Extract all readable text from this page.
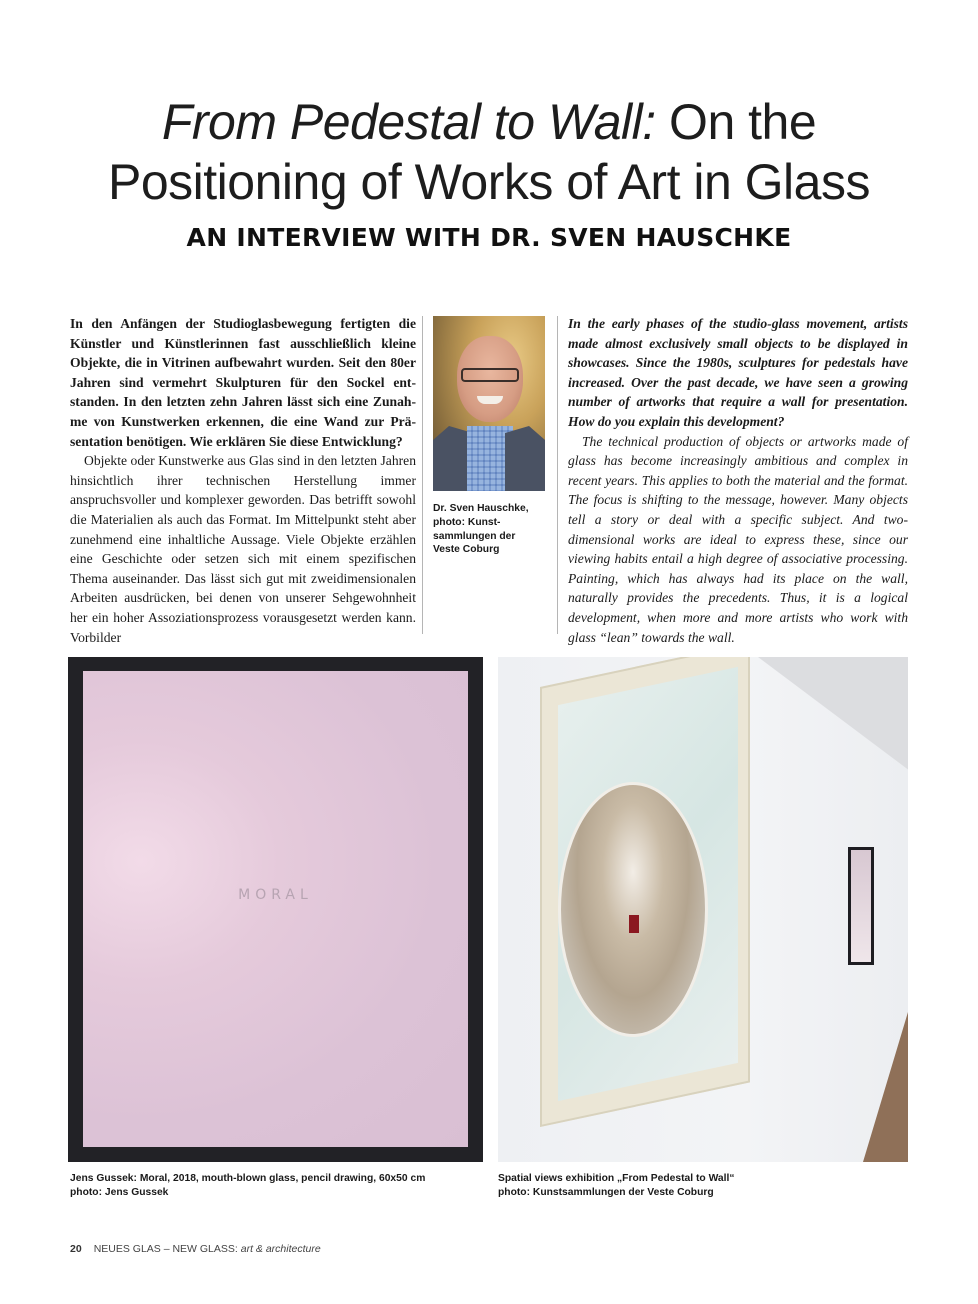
From Pedestal to Wall: On the
Positioning of Works of Art in Glass
AN INTERVIEW WITH DR. SVEN HAUSCHKE

In den Anfängen der Studioglasbewegung fertigten die Künstler und Künstlerinnen fast ausschließlich kleine Objekte, die in Vitrinen aufbewahrt wurden. Seit den 80er Jahren sind vermehrt Skulpturen für den Sockel entstanden. In den letzten zehn Jahren lässt sich eine Zunahme von Kunstwerken erkennen, die eine Wand zur Präsentation benötigen. Wie erklären Sie diese Entwicklung?

Objekte oder Kunstwerke aus Glas sind in den letzten Jahren hinsichtlich ihrer technischen Herstellung immer anspruchsvoller und komplexer geworden. Das betrifft sowohl die Materialien als auch das Format. Im Mittelpunkt steht aber zunehmend eine inhaltliche Aussage. Viele Objekte erzählen eine Geschichte oder setzen sich mit einem spezifischen Thema auseinander. Das lässt sich gut mit zweidimensionalen Arbeiten ausdrücken, bei denen von unserer Sehgewohnheit her ein hoher Assoziationsprozess vorausgesetzt werden kann. Vorbilder

Dr. Sven Hauschke,
photo: Kunst-
sammlungen der
Veste Coburg

In the early phases of the studio-glass movement, artists made almost exclusively small objects to be displayed in showcases. Since the 1980s, sculptures for pedestals have increased. Over the past decade, we have seen a growing number of artworks that require a wall for presentation. How do you explain this development?

The technical production of objects or artworks made of glass has become increasingly ambitious and complex in recent years. This applies to both the material and the format. The focus is shifting to the message, however. Many objects tell a story or deal with a specific subject. And two-dimensional works are ideal to express these, since our viewing habits entail a high degree of associative processing. Painting, which has always had its place on the wall, naturally provides the precedents. Thus, it is a logical development, when more and more artists who work with glass “lean” towards the wall.

MORAL
Jens Gussek: Moral, 2018, mouth-blown glass, pencil drawing, 60x50 cm
photo: Jens Gussek
Spatial views exhibition „From Pedestal to Wall“
photo: Kunstsammlungen der Veste Coburg
20 NEUES GLAS – NEW GLASS: art & architecture
